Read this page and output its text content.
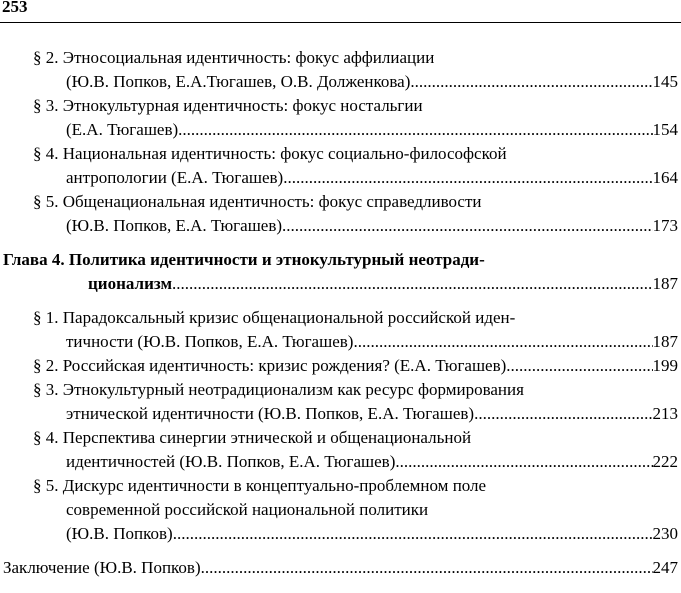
253
§ 2. Этносоциальная идентичность: фокус аффилиации
(Ю.В. Попков, Е.А.Тюгашев, О.В. Долженкова) .....	145
§ 3. Этнокультурная идентичность: фокус ностальгии
(Е.А. Тюгашев) .....	154
§ 4. Национальная идентичность: фокус социально-философской
антропологии (Е.А. Тюгашев) .....	164
§ 5. Общенациональная идентичность: фокус справедливости
(Ю.В. Попков, Е.А. Тюгашев) .....	173
Глава 4. Политика идентичности и этнокультурный неотради-
ционализм .....	187
§ 1. Парадоксальный кризис общенациональной российской иден-
тичности (Ю.В. Попков, Е.А. Тюгашев) .....	187
§ 2. Российская идентичность: кризис рождения? (Е.А. Тюгашев) .....	199
§ 3. Этнокультурный неотрадиционализм как ресурс формирования
этнической идентичности (Ю.В. Попков, Е.А. Тюгашев) .....	213
§ 4. Перспектива синергии этнической и общенациональной
идентичностей (Ю.В. Попков, Е.А. Тюгашев) .....	222
§ 5. Дискурс идентичности в концептуально-проблемном поле
современной российской национальной политики
(Ю.В. Попков) .....	230
Заключение (Ю.В. Попков) .....	247
